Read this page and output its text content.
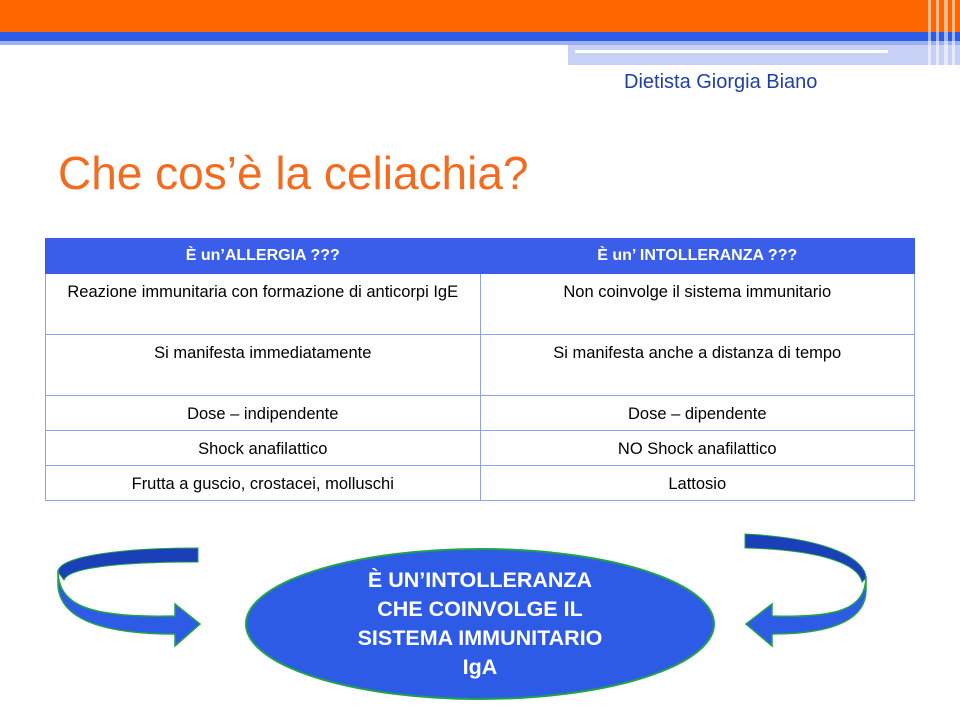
Dietista Giorgia Biano

Che cos’è la celiachia?
È un’ALLERGIA ???	È un’ INTOLLERANZA ???
Reazione immunitaria con formazione di anticorpi IgE	Non coinvolge il sistema immunitario
Si manifesta immediatamente	Si manifesta anche a distanza di tempo
Dose – indipendente	Dose – dipendente
Shock anafilattico	NO Shock anafilattico
Frutta a guscio, crostacei, molluschi	Lattosio
È UN’INTOLLERANZA
CHE COINVOLGE IL
SISTEMA IMMUNITARIO
IgA
